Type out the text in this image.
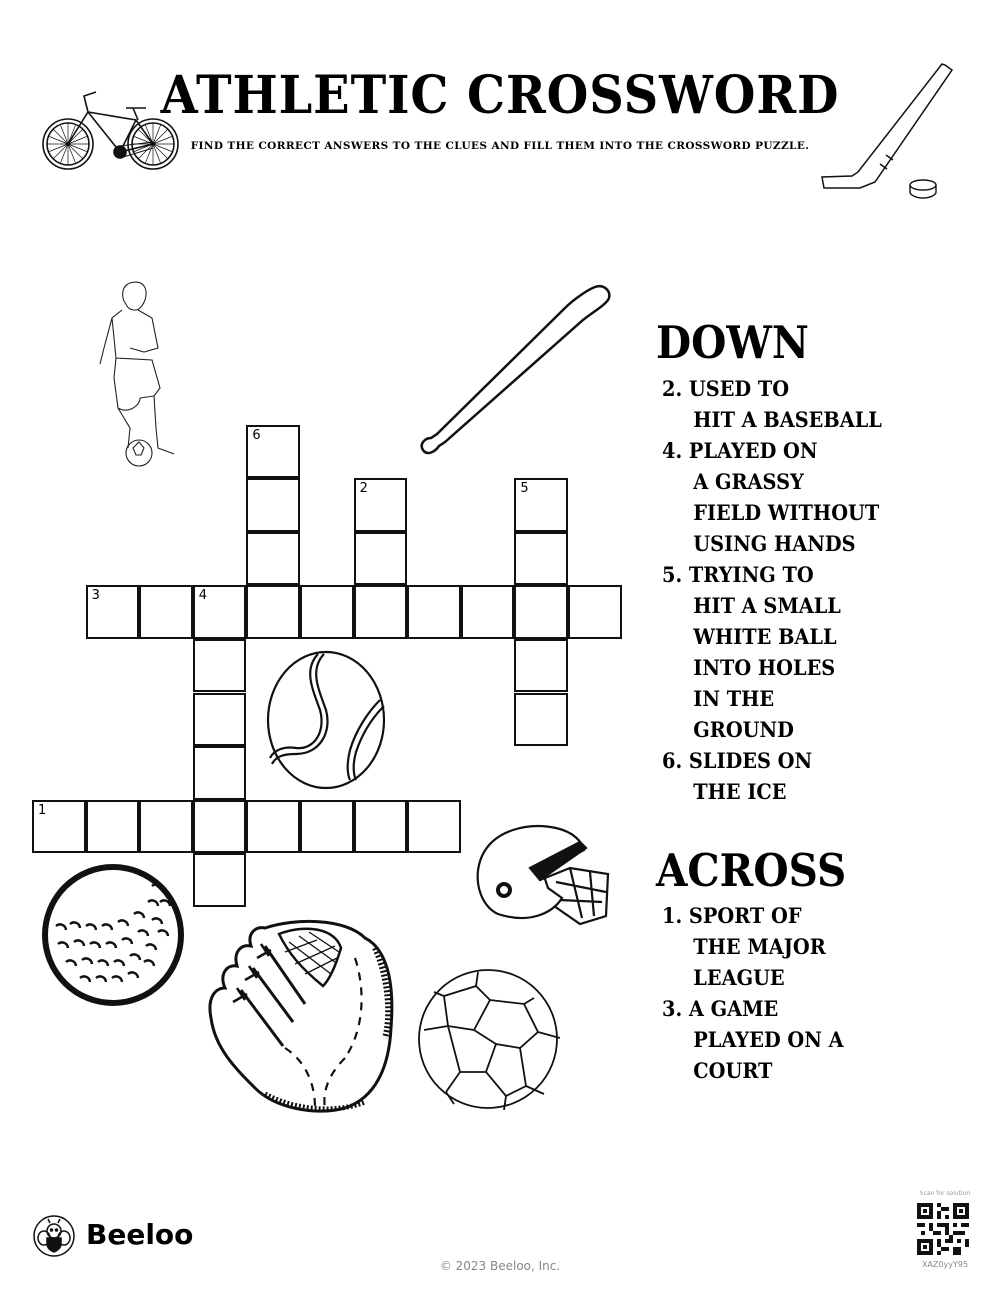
ATHLETIC CROSSWORD
FIND THE CORRECT ANSWERS TO THE CLUES AND FILL THEM INTO THE CROSSWORD PUZZLE.
1
2
3	4
5
6
DOWN
2. USED TO
HIT A BASEBALL
4. PLAYED ON
A GRASSY
FIELD WITHOUT
USING HANDS
5. TRYING TO
HIT A SMALL
WHITE BALL
INTO HOLES
IN THE
GROUND
6. SLIDES ON
THE ICE
ACROSS
1. SPORT OF
THE MAJOR
LEAGUE
3. A GAME
PLAYED ON A
COURT
Beeloo
© 2023 Beeloo, Inc.
Scan for solution
XAZ0yyY95
